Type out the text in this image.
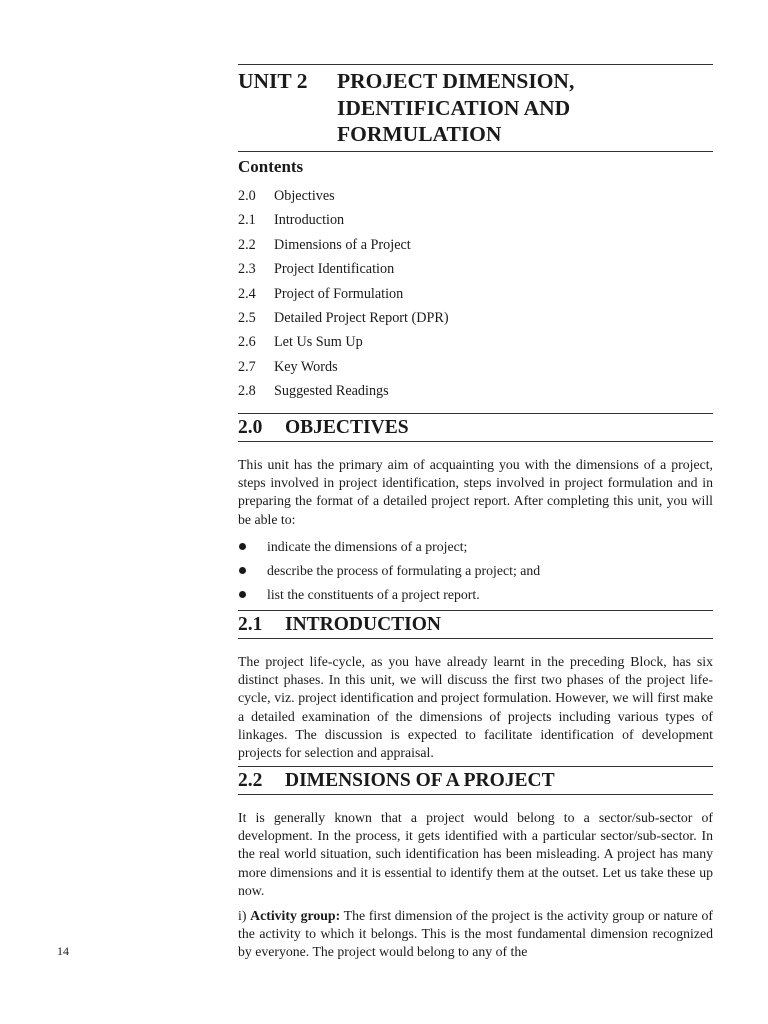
UNIT 2	PROJECT DIMENSION,
IDENTIFICATION AND
FORMULATION
Contents
2.0	Objectives
2.1	Introduction
2.2	Dimensions of a Project
2.3	Project Identification
2.4	Project of Formulation
2.5	Detailed Project Report (DPR)
2.6	Let Us Sum Up
2.7	Key Words
2.8	Suggested Readings
2.0	OBJECTIVES

This unit has the primary aim of acquainting you with the dimensions of a project, steps involved in project identification, steps involved in project formulation and in preparing the format of a detailed project report. After completing this unit, you will be able to:

indicate the dimensions of a project;
describe the process of formulating a project; and
list the constituents of a project report.
2.1	INTRODUCTION

The project life-cycle, as you have already learnt in the preceding Block, has six distinct phases. In this unit, we will discuss the first two phases of the project life-cycle, viz. project identification and project formulation. However, we will first make a detailed examination of the dimensions of projects including various types of linkages. The discussion is expected to facilitate identification of development projects for selection and appraisal.

2.2	DIMENSIONS OF A PROJECT

It is generally known that a project would belong to a sector/sub-sector of development. In the process, it gets identified with a particular sector/sub-sector. In the real world situation, such identification has been misleading. A project has many more dimensions and it is essential to identify them at the outset. Let us take these up now.

i) Activity group: The first dimension of the project is the activity group or nature of the activity to which it belongs. This is the most fundamental dimension recognized by everyone. The project would belong to any of the

14
